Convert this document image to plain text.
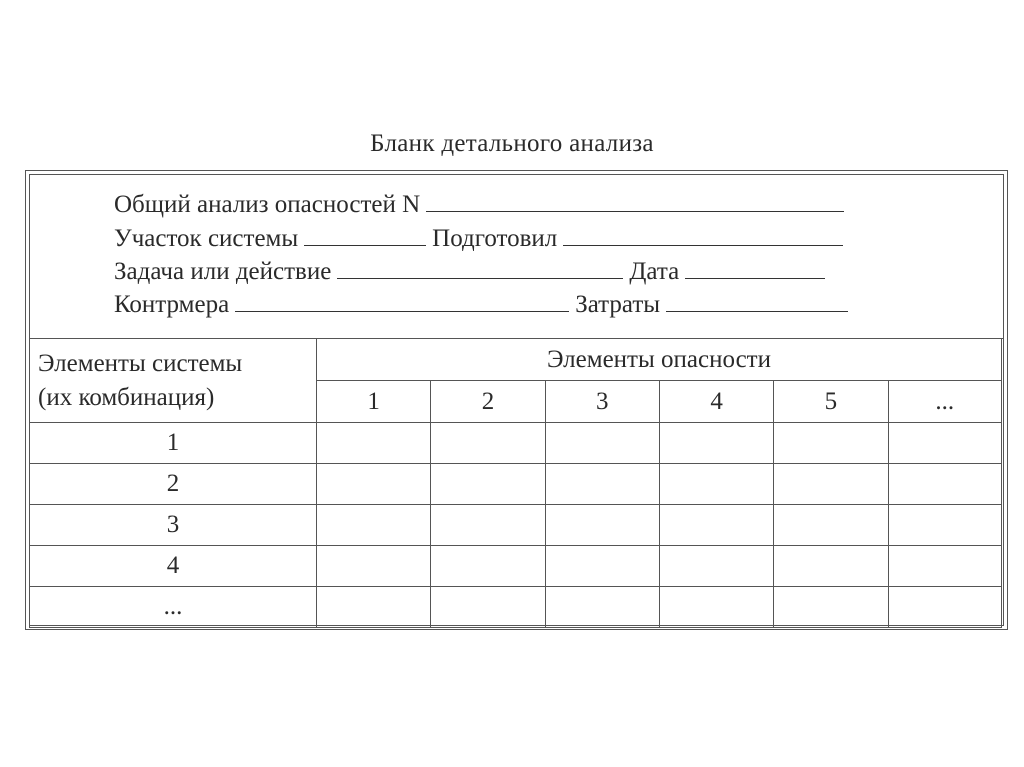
Бланк детального анализа
Общий анализ опасностей N
Участок системы	Подготовил
Задача или действие	Дата
Контрмера	Затраты
Элементы системы
(их комбинация)	Элементы опасности					
	1	2	3	4	5	...
1						
2						
3						
4						
...						
